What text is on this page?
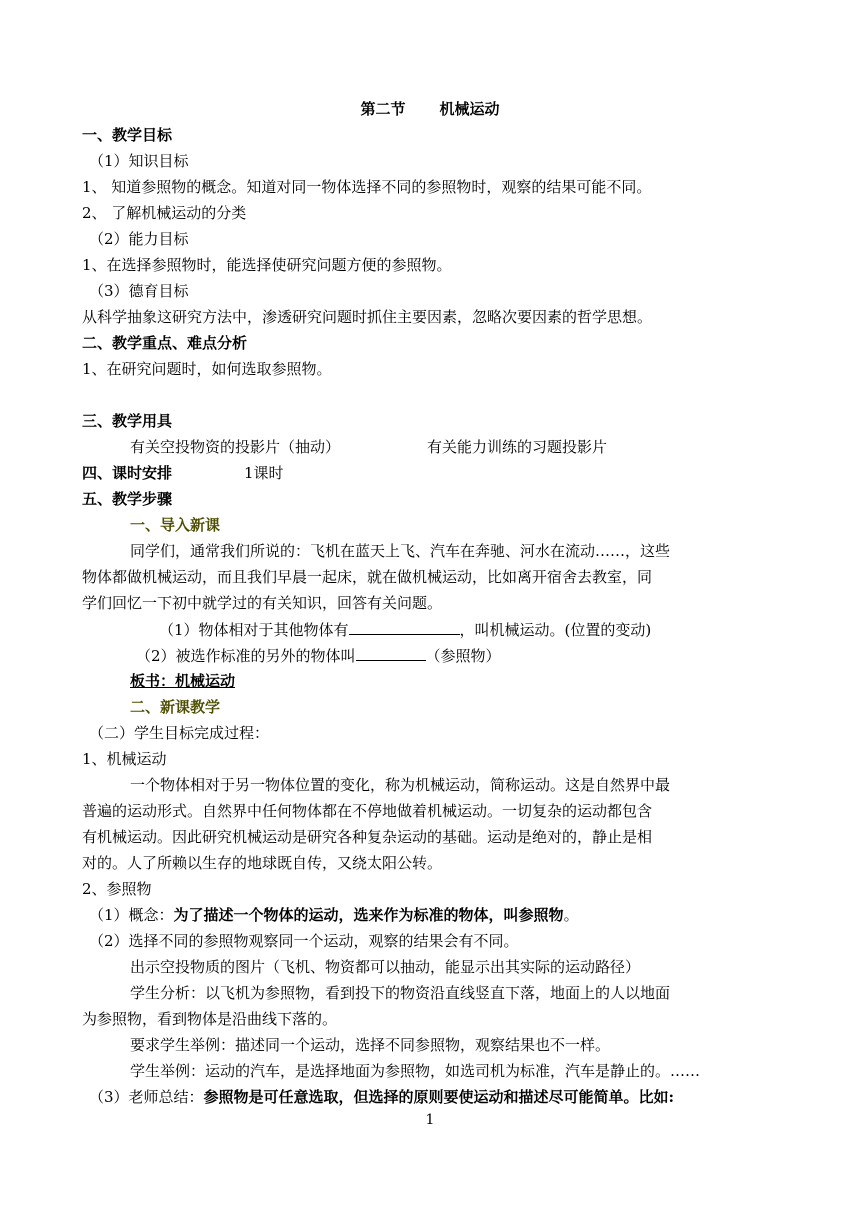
第二节 机械运动
一、教学目标
（1）知识目标
1、 知道参照物的概念。知道对同一物体选择不同的参照物时，观察的结果可能不同。
2、 了解机械运动的分类
（2）能力目标
1、在选择参照物时，能选择使研究问题方便的参照物。
（3）德育目标
从科学抽象这研究方法中，渗透研究问题时抓住主要因素，忽略次要因素的哲学思想。
二、教学重点、难点分析
1、在研究问题时，如何选取参照物。
三、教学用具
有关空投物资的投影片（抽动）	有关能力训练的习题投影片
四、课时安排	1课时
五、教学步骤
一、导入新课
同学们，通常我们所说的：飞机在蓝天上飞、汽车在奔驰、河水在流动……，这些
物体都做机械运动，而且我们早晨一起床，就在做机械运动，比如离开宿舍去教室，同
学们回忆一下初中就学过的有关知识，回答有关问题。
（1）物体相对于其他物体有	，叫机械运动。(位置的变动)
（2）被选作标准的另外的物体叫	（参照物）
板书：机械运动
二、新课教学
（二）学生目标完成过程：
1、机械运动
一个物体相对于另一物体位置的变化，称为机械运动，简称运动。这是自然界中最
普遍的运动形式。自然界中任何物体都在不停地做着机械运动。一切复杂的运动都包含
有机械运动。因此研究机械运动是研究各种复杂运动的基础。运动是绝对的，静止是相
对的。人了所赖以生存的地球既自传，又绕太阳公转。
2、参照物
（1）概念：为了描述一个物体的运动，选来作为标准的物体，叫参照物。
（2）选择不同的参照物观察同一个运动，观察的结果会有不同。
出示空投物质的图片（飞机、物资都可以抽动，能显示出其实际的运动路径）
学生分析：以飞机为参照物，看到投下的物资沿直线竖直下落，地面上的人以地面
为参照物，看到物体是沿曲线下落的。
要求学生举例：描述同一个运动，选择不同参照物，观察结果也不一样。
学生举例：运动的汽车，是选择地面为参照物，如选司机为标准，汽车是静止的。……
（3）老师总结：参照物是可任意选取，但选择的原则要使运动和描述尽可能简单。比如:
1
